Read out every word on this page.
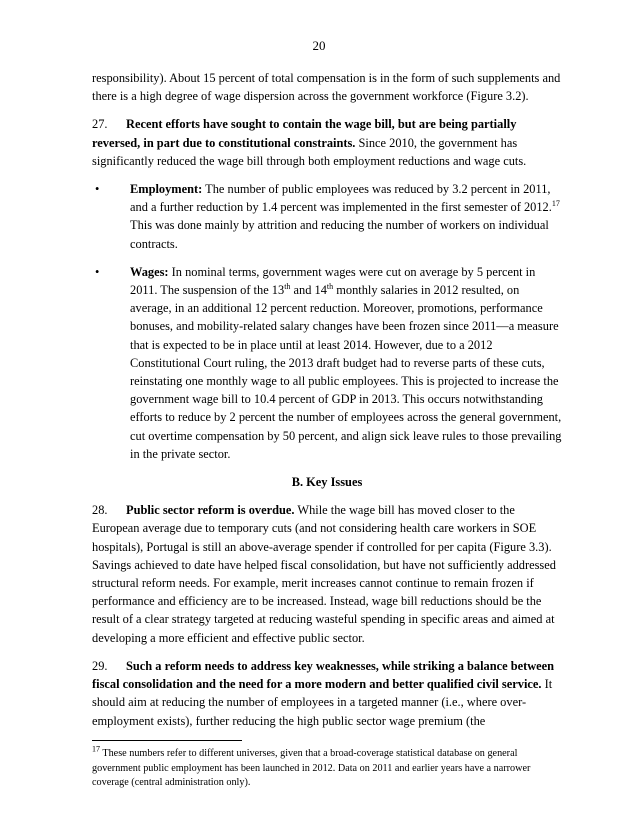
20

responsibility). About 15 percent of total compensation is in the form of such supplements and there is a high degree of wage dispersion across the government workforce (Figure 3.2).

27. Recent efforts have sought to contain the wage bill, but are being partially reversed, in part due to constitutional constraints. Since 2010, the government has significantly reduced the wage bill through both employment reductions and wage cuts.

• Employment: The number of public employees was reduced by 3.2 percent in 2011, and a further reduction by 1.4 percent was implemented in the first semester of 2012.17 This was done mainly by attrition and reducing the number of workers on individual contracts.
• Wages: In nominal terms, government wages were cut on average by 5 percent in 2011. The suspension of the 13th and 14th monthly salaries in 2012 resulted, on average, in an additional 12 percent reduction. Moreover, promotions, performance bonuses, and mobility-related salary changes have been frozen since 2011—a measure that is expected to be in place until at least 2014. However, due to a 2012 Constitutional Court ruling, the 2013 draft budget had to reverse parts of these cuts, reinstating one monthly wage to all public employees. This is projected to increase the government wage bill to 10.4 percent of GDP in 2013. This occurs notwithstanding efforts to reduce by 2 percent the number of employees across the general government, cut overtime compensation by 50 percent, and align sick leave rules to those prevailing in the private sector.
B. Key Issues

28. Public sector reform is overdue. While the wage bill has moved closer to the European average due to temporary cuts (and not considering health care workers in SOE hospitals), Portugal is still an above-average spender if controlled for per capita (Figure 3.3). Savings achieved to date have helped fiscal consolidation, but have not sufficiently addressed structural reform needs. For example, merit increases cannot continue to remain frozen if performance and efficiency are to be increased. Instead, wage bill reductions should be the result of a clear strategy targeted at reducing wasteful spending in specific areas and aimed at developing a more efficient and effective public sector.

29. Such a reform needs to address key weaknesses, while striking a balance between fiscal consolidation and the need for a more modern and better qualified civil service. It should aim at reducing the number of employees in a targeted manner (i.e., where over-employment exists), further reducing the high public sector wage premium (the

$^{17}$ These numbers refer to different universes, given that a broad-coverage statistical database on general government public employment has been launched in 2012. Data on 2011 and earlier years have a narrower coverage (central administration only).
